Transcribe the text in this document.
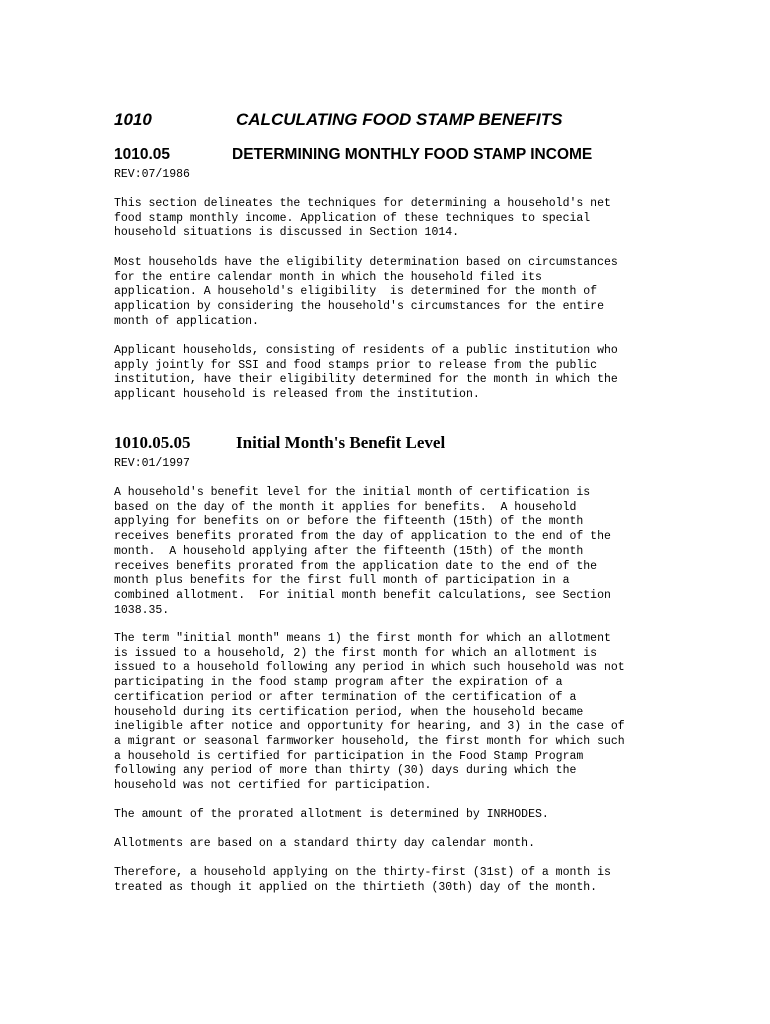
1010	CALCULATING FOOD STAMP BENEFITS
1010.05	DETERMINING MONTHLY FOOD STAMP INCOME
REV:07/1986
This section delineates the techniques for determining a household's net
food stamp monthly income. Application of these techniques to special
household situations is discussed in Section 1014.
Most households have the eligibility determination based on circumstances
for the entire calendar month in which the household filed its
application. A household's eligibility  is determined for the month of
application by considering the household's circumstances for the entire
month of application.
Applicant households, consisting of residents of a public institution who
apply jointly for SSI and food stamps prior to release from the public
institution, have their eligibility determined for the month in which the
applicant household is released from the institution.
1010.05.05	Initial Month's Benefit Level
REV:01/1997
A household's benefit level for the initial month of certification is
based on the day of the month it applies for benefits.  A household
applying for benefits on or before the fifteenth (15th) of the month
receives benefits prorated from the day of application to the end of the
month.  A household applying after the fifteenth (15th) of the month
receives benefits prorated from the application date to the end of the
month plus benefits for the first full month of participation in a
combined allotment.  For initial month benefit calculations, see Section
1038.35.
The term "initial month" means 1) the first month for which an allotment
is issued to a household, 2) the first month for which an allotment is
issued to a household following any period in which such household was not
participating in the food stamp program after the expiration of a
certification period or after termination of the certification of a
household during its certification period, when the household became
ineligible after notice and opportunity for hearing, and 3) in the case of
a migrant or seasonal farmworker household, the first month for which such
a household is certified for participation in the Food Stamp Program
following any period of more than thirty (30) days during which the
household was not certified for participation.
The amount of the prorated allotment is determined by INRHODES.
Allotments are based on a standard thirty day calendar month.
Therefore, a household applying on the thirty-first (31st) of a month is
treated as though it applied on the thirtieth (30th) day of the month.
